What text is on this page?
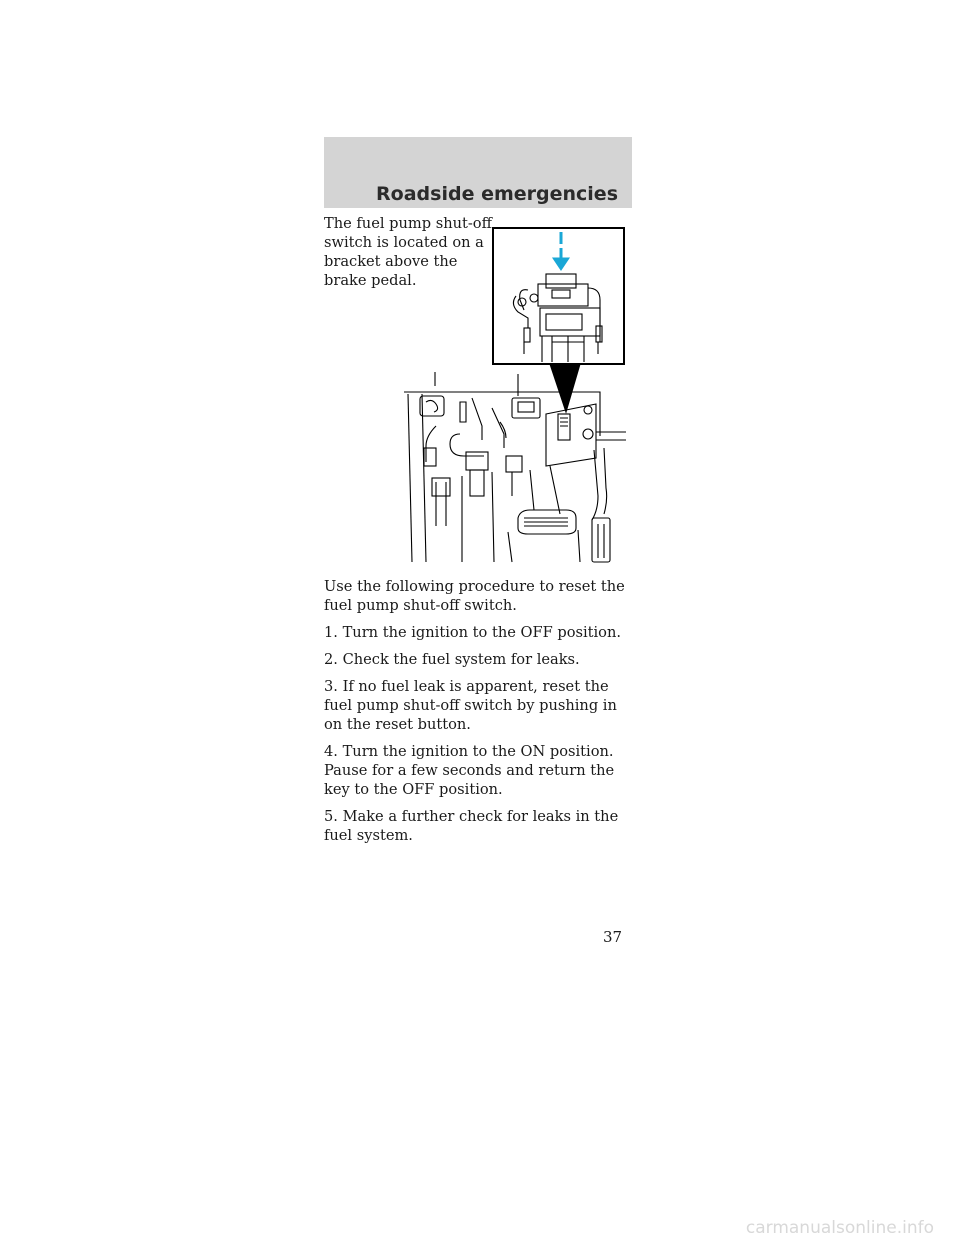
Roadside emergencies
The fuel pump shut-off switch is located on a bracket above the brake pedal.

Use the following procedure to reset the fuel pump shut-off switch.

1. Turn the ignition to the OFF position.

2. Check the fuel system for leaks.

3. If no fuel leak is apparent, reset the fuel pump shut-off switch by pushing in on the reset button.

4. Turn the ignition to the ON position. Pause for a few seconds and return the key to the OFF position.

5. Make a further check for leaks in the fuel system.

37
carmanualsonline.info
